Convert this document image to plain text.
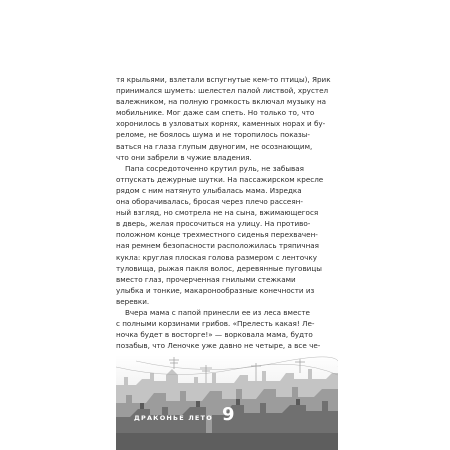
тя крыльями, взлетали вспугнутые кем-то птицы), Ярик
принимался шуметь: шелестел палой листвой, хрустел
валежником, на полную громкость включал музыку на
мобильнике. Мог даже сам спеть. Но только то, что
хоронилось в узловатых корнях, каменных норах и бу-
реломе, не боялось шума и не торопилось показы-
ваться на глаза глупым двуногим, не осознающим,
что они забрели в чужие владения.
Папа сосредоточенно крутил руль, не забывая
отпускать дежурные шутки. На пассажирском кресле
рядом с ним натянуто улыбалась мама. Изредка
она оборачивалась, бросая через плечо рассеян-
ный взгляд, но смотрела не на сына, вжимающегося
в дверь, желая просочиться на улицу. На противо-
положном конце трехместного сиденья перехвачен-
ная ремнем безопасности расположилась тряпичная
кукла: круглая плоская голова размером с ленточку
туловища, рыжая пакля волос, деревянные пуговицы
вместо глаз, прочерченная гнилыми стежками
улыбка и тонкие, макаронообразные конечности из
веревки.
Вчера мама с папой принесли ее из леса вместе
с полными корзинами грибов. «Прелесть какая! Ле-
ночка будет в восторге!» — ворковала мама, будто
позабыв, что Леночке уже давно не четыре, а все че-
ДРАКОНЬЕ ЛЕТО 9
